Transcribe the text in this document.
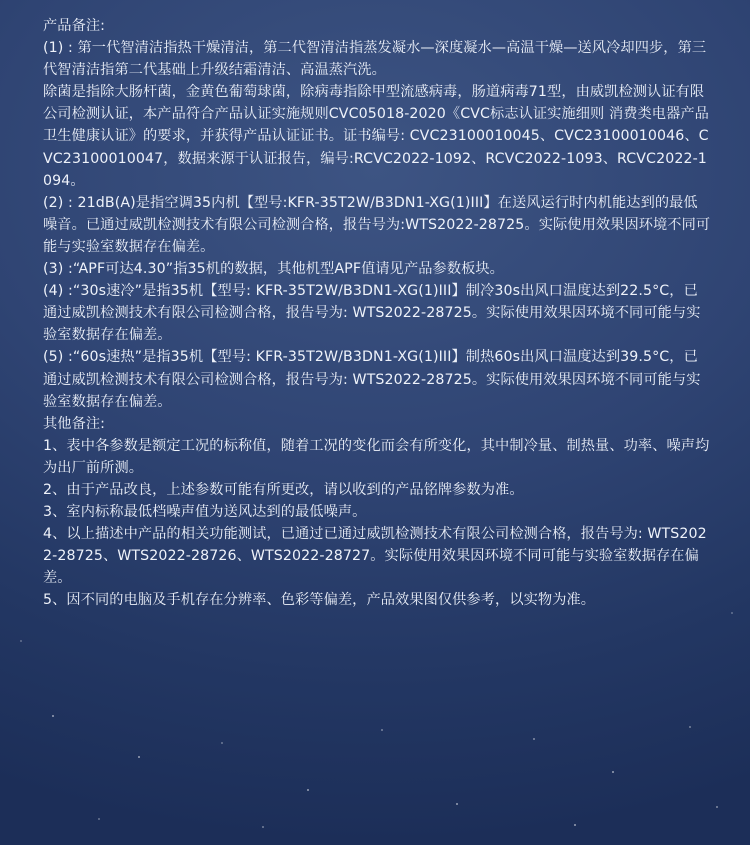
产品备注:

(1) : 第一代智清洁指热干燥清洁，第二代智清洁指蒸发凝水—深度凝水—高温干燥—送风冷却四步，第三代智清洁指第二代基础上升级结霜清洁、高温蒸汽洗。

除菌是指除大肠杆菌，金黄色葡萄球菌，除病毒指除甲型流感病毒，肠道病毒71型，由威凯检测认证有限公司检测认证，本产品符合产品认证实施规则CVC05018-2020《CVC标志认证实施细则 消费类电器产品卫生健康认证》的要求，并获得产品认证证书。证书编号: CVC23100010045、CVC23100010046、CVC23100010047，数据来源于认证报告，编号:RCVC2022-1092、RCVC2022-1093、RCVC2022-1094。

(2) : 21dB(A)是指空调35内机【型号:KFR-35T2W/B3DN1-XG(1)III】在送风运行时内机能达到的最低噪音。已通过威凯检测技术有限公司检测合格，报告号为:WTS2022-28725。实际使用效果因环境不同可能与实验室数据存在偏差。

(3) :“APF可达4.30”指35机的数据，其他机型APF值请见产品参数板块。

(4) :“30s速冷”是指35机【型号: KFR-35T2W/B3DN1-XG(1)III】制冷30s出风口温度达到22.5°C，已通过威凯检测技术有限公司检测合格，报告号为: WTS2022-28725。实际使用效果因环境不同可能与实验室数据存在偏差。

(5) :“60s速热”是指35机【型号: KFR-35T2W/B3DN1-XG(1)III】制热60s出风口温度达到39.5°C，已通过威凯检测技术有限公司检测合格，报告号为: WTS2022-28725。实际使用效果因环境不同可能与实验室数据存在偏差。

其他备注:

1、表中各参数是额定工况的标称值，随着工况的变化而会有所变化，其中制冷量、制热量、功率、噪声均为出厂前所测。

2、由于产品改良，上述参数可能有所更改，请以收到的产品铭牌参数为准。

3、室内标称最低档噪声值为送风达到的最低噪声。

4、以上描述中产品的相关功能测试，已通过已通过威凯检测技术有限公司检测合格，报告号为: WTS2022-28725、WTS2022-28726、WTS2022-28727。实际使用效果因环境不同可能与实验室数据存在偏差。

5、因不同的电脑及手机存在分辨率、色彩等偏差，产品效果图仅供参考，以实物为准。
